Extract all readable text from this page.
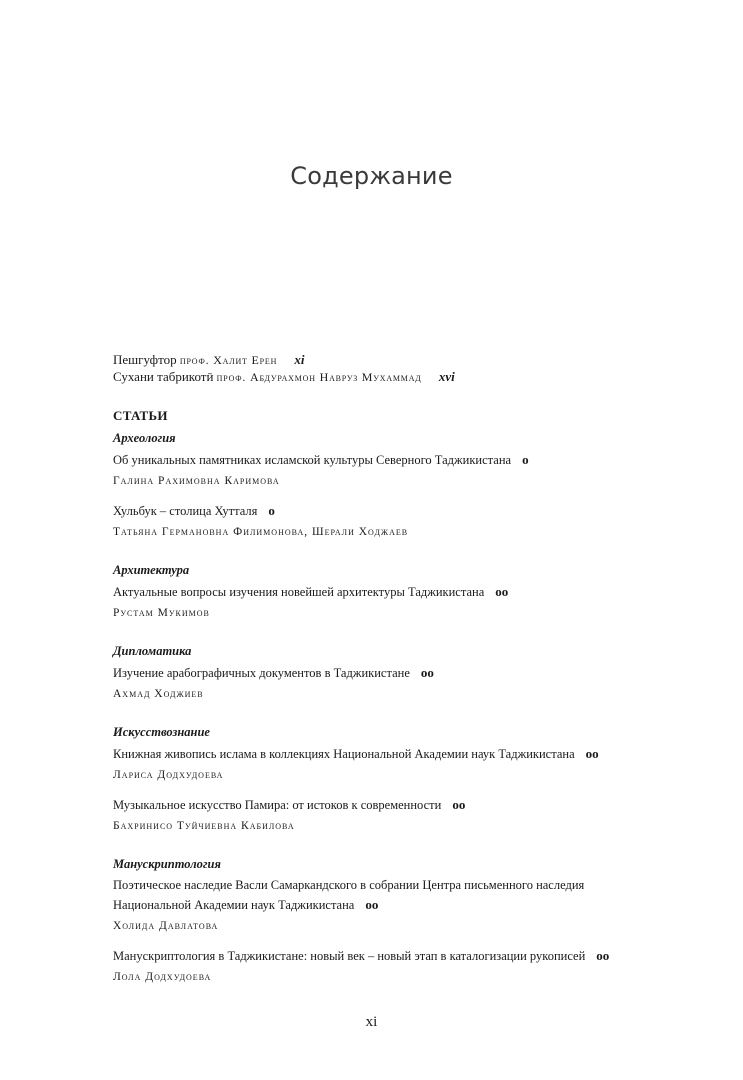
Содержание
Пешгуфтор проф. Халит Ерен xi
Сухани табрикотӣ проф. Абдурахмон Навруз Мухаммад xvi
СТАТЬИ
Археология
Об уникальных памятниках исламской культуры Северного Таджикистана o
Галина Рахимовна Каримова
Хульбук – столица Хутталя o
Татьяна Германовна Филимонова, Шерали Ходжаев
Архитектура
Актуальные вопросы изучения новейшей архитектуры Таджикистана oo
Рустам Мукимов
Дипломатика
Изучение арабографичных документов в Таджикистане oo
Ахмад Ходжиев
Искусствознание
Книжная живопись ислама в коллекциях Национальной Академии наук Таджикистана oo
Лариса Додхудоева
Музыкальное искусство Памира: от истоков к современности oo
Бахринисо Туйчиевна Кабилова
Манускриптология
Поэтическое наследие Васли Самаркандского в собрании Центра письменного наследия Национальной Академии наук Таджикистана oo
Холида Давлатова
Манускриптология в Таджикистане: новый век – новый этап в каталогизации рукописей oo
Лола Додхудоева
xi
